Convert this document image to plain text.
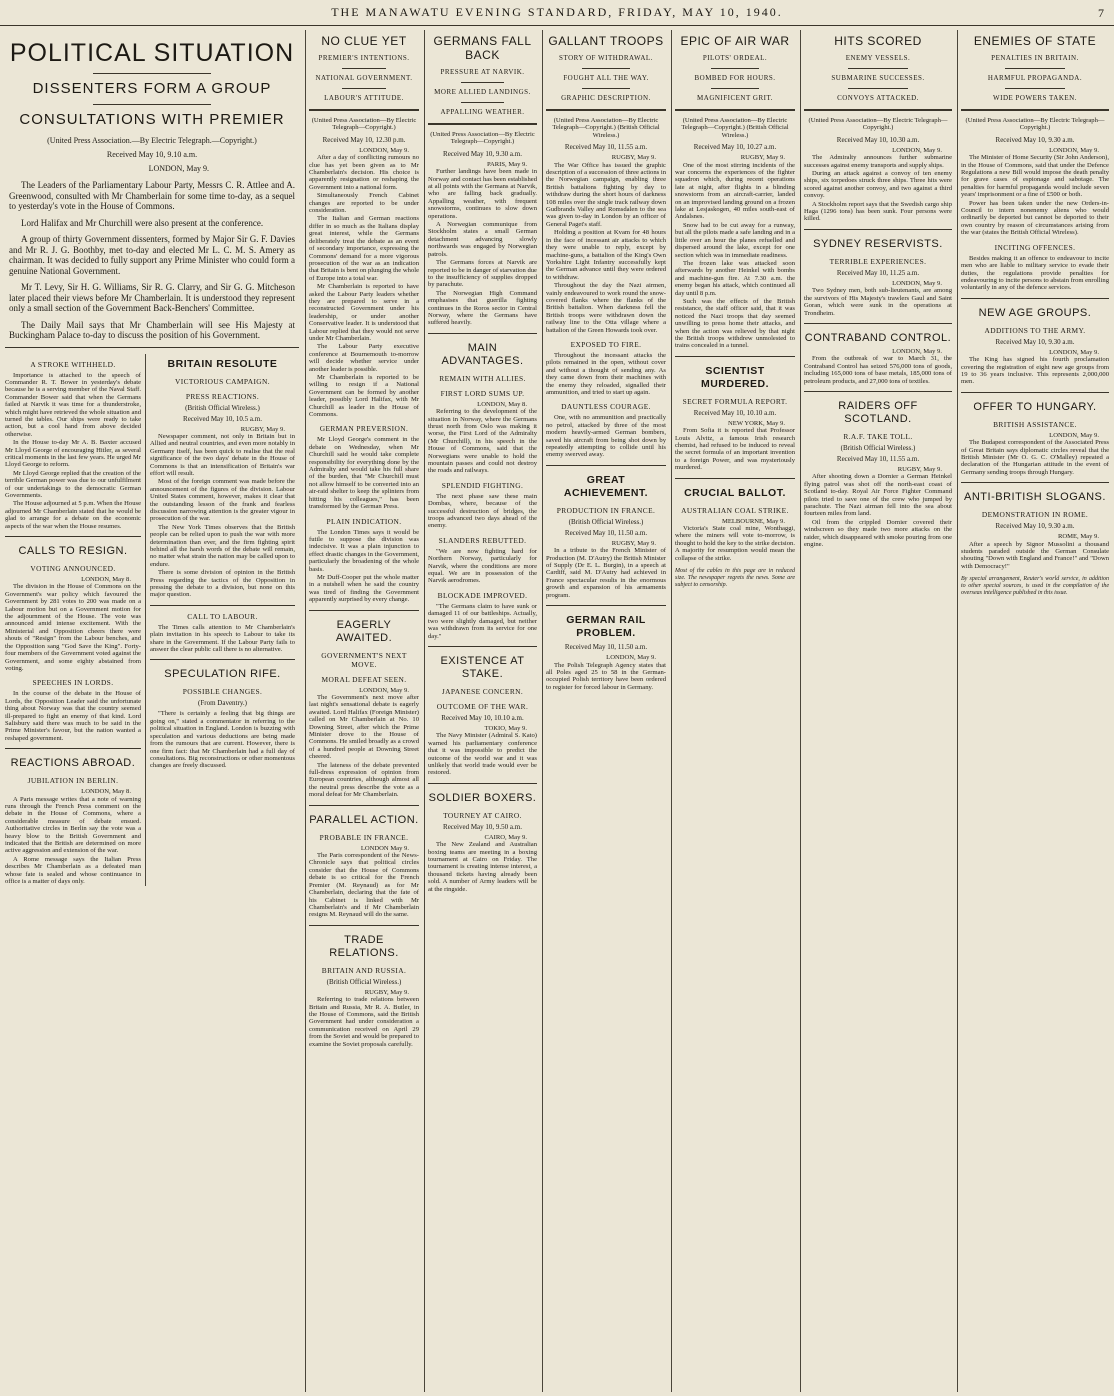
THE MANAWATU EVENING STANDARD, FRIDAY, MAY 10, 1940.	7
POLITICAL SITUATION
DISSENTERS FORM A GROUP
CONSULTATIONS WITH PREMIER
(United Press Association.—By Electric Telegraph.—Copyright.)
Received May 10, 9.10 a.m.
LONDON, May 9.
The Leaders of the Parliamentary Labour Party, Messrs C. R. Attlee and A. Greenwood, consulted with Mr Chamberlain for some time to-day, as a sequel to yesterday's vote in the House of Commons.
Lord Halifax and Mr Churchill were also present at the conference.
A group of thirty Government dissenters, formed by Major Sir G. F. Davies and Mr R. J. G. Boothby, met to-day and elected Mr L. C. M. S. Amery as chairman. It was decided to fully support any Prime Minister who could form a genuine National Government.
Mr T. Levy, Sir H. G. Williams, Sir R. G. Clarry, and Sir G. G. Mitcheson later placed their views before Mr Chamberlain. It is understood they represent only a small section of the Government Back-Benchers' Committee.
The Daily Mail says that Mr Chamberlain will see His Majesty at Buckingham Palace to-day to discuss the position of his Government.
A STROKE WITHHELD.

Importance is attached to the speech of Commander R. T. Bower in yesterday's debate because he is a serving member of the Naval Staff. Commander Bower said that when the Germans failed at Narvik it was time for a thunderstroke, which might have retrieved the whole situation and turned the tables. Our ships were ready to take action, but a cool hand from above decided otherwise.

In the House to-day Mr A. B. Baxter accused Mr Lloyd George of encouraging Hitler, as several critical moments in the last few years. He urged Mr Lloyd George to reform.

Mr Lloyd George replied that the creation of the terrible German power was due to our unfulfilment of our undertakings to the democratic German Governments.

The House adjourned at 5 p.m. When the House adjourned Mr Chamberlain stated that he would be glad to arrange for a debate on the economic aspects of the war when the House resumes.

CALLS TO RESIGN.
VOTING ANNOUNCED.
LONDON, May 8.

The division in the House of Commons on the Government's war policy which favoured the Government by 281 votes to 200 was made on a Labour motion but on a Government motion for the adjournment of the House. The vote was announced amid intense excitement. With the Ministerial and Opposition cheers there were shouts of "Resign" from the Labour benches, and the Opposition sang "God Save the King". Forty-four members of the Government voted against the Government, and some eighty abstained from voting.

SPEECHES IN LORDS.

In the course of the debate in the House of Lords, the Opposition Leader said the unfortunate thing about Norway was that the country seemed ill-prepared to fight an enemy of that kind. Lord Salisbury said there was much to be said in the Prime Minister's favour, but the nation wanted a reshaped government.

REACTIONS ABROAD.
JUBILATION IN BERLIN.
LONDON, May 8.

A Paris message writes that a note of warning runs through the French Press comment on the debate in the House of Commons, where a considerable measure of debate ensued. Authoritative circles in Berlin say the vote was a heavy blow to the British Government and indicated that the British are determined on more active aggression and extension of the war.

A Rome message says the Italian Press describes Mr Chamberlain as a defeated man whose fate is sealed and whose continuance in office is a matter of days only.

BRITAIN RESOLUTE
VICTORIOUS CAMPAIGN.
PRESS REACTIONS.
(British Official Wireless.)
Received May 10, 10.5 a.m.
RUGBY, May 9.

Newspaper comment, not only in Britain but in Allied and neutral countries, and even more notably in Germany itself, has been quick to realise that the real significance of the two days' debate in the House of Commons is that an intensification of Britain's war effort will result.

Most of the foreign comment was made before the announcement of the figures of the division. Labour United States comment, however, makes it clear that the outstanding lesson of the frank and fearless discussion narrowing attention is the greater vigour in prosecution of the war.

The New York Times observes that the British people can be relied upon to push the war with more determination than ever, and the firm fighting spirit behind all the harsh words of the debate will remain, no matter what strain the nation may be called upon to endure.

There is some division of opinion in the British Press regarding the tactics of the Opposition in pressing the debate to a division, but none on this major question.

CALL TO LABOUR.

The Times calls attention to Mr Chamberlain's plain invitation in his speech to Labour to take its share in the Government. If the Labour Party fails to answer the clear public call there is no alternative.

SPECULATION RIFE.
POSSIBLE CHANGES.
(From Daventry.)

"There is certainly a feeling that big things are going on," stated a commentator in referring to the political situation in England. London is buzzing with speculation and various deductions are being made from the rumours that are current. However, there is one firm fact: that Mr Chamberlain had a full day of consultations. Big reconstructions or other momentous changes are freely discussed.

NO CLUE YET
PREMIER'S INTENTIONS.
NATIONAL GOVERNMENT.
LABOUR'S ATTITUDE.
(United Press Association—By Electric Telegraph—Copyright.)
Received May 10, 12.30 p.m.
LONDON, May 9.

After a day of conflicting rumours no clue has yet been given as to Mr Chamberlain's decision. His choice is apparently resignation or reshaping the Government into a national form.

Simultaneously French Cabinet changes are reported to be under consideration.

The Italian and German reactions differ in so much as the Italians display great interest, while the Germans deliberately treat the debate as an event of secondary importance, expressing the Commons' demand for a more vigorous prosecution of the war as an indication that Britain is bent on plunging the whole of Europe into a total war.

Mr Chamberlain is reported to have asked the Labour Party leaders whether they are prepared to serve in a reconstructed Government under his leadership, or under another Conservative leader. It is understood that Labour replied that they would not serve under Mr Chamberlain.

The Labour Party executive conference at Bournemouth to-morrow will decide whether service under another leader is possible.

Mr Chamberlain is reported to be willing to resign if a National Government can be formed by another leader, possibly Lord Halifax, with Mr Churchill as leader in the House of Commons.

GERMAN PREVERSION.

Mr Lloyd George's comment in the debate on Wednesday, when Mr Churchill said he would take complete responsibility for everything done by the Admiralty and would take his full share of the burden, that "Mr Churchill must not allow himself to be converted into an air-raid shelter to keep the splinters from hitting his colleagues," has been transformed by the German Press.

PLAIN INDICATION.

The London Times says it would be futile to suppose the division was indecisive. It was a plain injunction to effect drastic changes in the Government, particularly the broadening of the whole basis.

Mr Duff-Cooper put the whole matter in a nutshell when he said the country was tired of finding the Government apparently surprised by every change.

EAGERLY AWAITED.
GOVERNMENT'S NEXT MOVE.
MORAL DEFEAT SEEN.
LONDON, May 9.

The Government's next move after last night's sensational debate is eagerly awaited. Lord Halifax (Foreign Minister) called on Mr Chamberlain at No. 10 Downing Street, after which the Prime Minister drove to the House of Commons. He smiled broadly as a crowd of a hundred people at Downing Street cheered.

The lateness of the debate prevented full-dress expression of opinion from European countries, although almost all the neutral press describe the vote as a moral defeat for Mr Chamberlain.

PARALLEL ACTION.
PROBABLE IN FRANCE.
LONDON May 9.

The Paris correspondent of the News-Chronicle says that political circles consider that the House of Commons debate is so critical for the French Premier (M. Reynaud) as for Mr Chamberlain, declaring that the fate of his Cabinet is linked with Mr Chamberlain's and if Mr Chamberlain resigns M. Reynaud will do the same.

TRADE RELATIONS.
BRITAIN AND RUSSIA.
(British Official Wireless.)
RUGBY, May 9.

Referring to trade relations between Britain and Russia, Mr R. A. Butler, in the House of Commons, said the British Government had under consideration a communication received on April 29 from the Soviet and would be prepared to examine the Soviet proposals carefully.

GERMANS FALL BACK
PRESSURE AT NARVIK.
MORE ALLIED LANDINGS.
APPALLING WEATHER.
(United Press Association—By Electric Telegraph—Copyright.)
Received May 10, 9.30 a.m.
PARIS, May 9.

Further landings have been made in Norway and contact has been established at all points with the Germans at Narvik, who are falling back gradually. Appalling weather, with frequent snowstorms, continues to slow down operations.

A Norwegian communique from Stockholm states a small German detachment advancing slowly northwards was engaged by Norwegian patrols.

The Germans forces at Narvik are reported to be in danger of starvation due to the insufficiency of supplies dropped by parachute.

The Norwegian High Command emphasises that guerilla fighting continues in the Roros sector in Central Norway, where the Germans have suffered heavily.

MAIN ADVANTAGES.
REMAIN WITH ALLIES.
FIRST LORD SUMS UP.
LONDON, May 8.

Referring to the development of the situation in Norway, where the Germans thrust north from Oslo was making it worse, the First Lord of the Admiralty (Mr Churchill), in his speech in the House of Commons, said that the Norwegians were unable to hold the mountain passes and could not destroy the roads and railways.

SPLENDID FIGHTING.

The next phase saw these main Dombas, where, because of the successful destruction of bridges, the troops advanced two days ahead of the enemy.

SLANDERS REBUTTED.

"We are now fighting hard for Northern Norway, particularly for Narvik, where the conditions are more equal. We are in possession of the Narvik aerodromes.

BLOCKADE IMPROVED.

"The Germans claim to have sunk or damaged 11 of our battleships. Actually, two were slightly damaged, but neither was withdrawn from its service for one day."

EXISTENCE AT STAKE.
JAPANESE CONCERN.
OUTCOME OF THE WAR.
Received May 10, 10.10 a.m.
TOKIO, May 9.

The Navy Minister (Admiral S. Kato) warned his parliamentary conference that it was impossible to predict the outcome of the world war and it was unlikely that world trade would ever be restored.

SOLDIER BOXERS.
TOURNEY AT CAIRO.
Received May 10, 9.50 a.m.
CAIRO, May 9.

The New Zealand and Australian boxing teams are meeting in a boxing tournament at Cairo on Friday. The tournament is creating intense interest, a thousand tickets having already been sold. A number of Army leaders will be at the ringside.

GALLANT TROOPS
STORY OF WITHDRAWAL.
FOUGHT ALL THE WAY.
GRAPHIC DESCRIPTION.
(United Press Association—By Electric Telegraph—Copyright.) (British Official Wireless.)
Received May 10, 11.55 a.m.
RUGBY, May 9.

The War Office has issued the graphic description of a succession of three actions in the Norwegian campaign, enabling three British battalions fighting by day to withdraw during the short hours of darkness 108 miles over the single track railway down Gudbrands Valley and Romsdalen to the sea was given to-day in London by an officer of General Paget's staff.

Holding a position at Kvam for 48 hours in the face of incessant air attacks to which they were unable to reply, except by machine-guns, a battalion of the King's Own Yorkshire Light Infantry successfully kept the German advance until they were ordered to withdraw.

Throughout the day the Nazi airmen, vainly endeavoured to work round the snow-covered flanks where the flanks of the British battalion. When darkness fell the British troops were withdrawn down the railway line to the Otta village where a battalion of the Green Howards took over.

EXPOSED TO FIRE.

Throughout the incessant attacks the pilots remained in the open, without cover and without a thought of sending any. As they came down from their machines with the enemy they reloaded, signalled their ammunition, and tried to start up again.

DAUNTLESS COURAGE.

One, with no ammunition and practically no petrol, attacked by three of the most modern heavily-armed German bombers, saved his aircraft from being shot down by repeatedly attempting to collide until his enemy swerved away.

GREAT ACHIEVEMENT.
PRODUCTION IN FRANCE.
(British Official Wireless.)
Received May 10, 11.50 a.m.
RUGBY, May 9.

In a tribute to the French Minister of Production (M. D'Autry) the British Minister of Supply (Dr E. L. Burgin), in a speech at Cardiff, said M. D'Autry had achieved in France spectacular results in the enormous growth and expansion of his armaments program.

GERMAN RAIL PROBLEM.
Received May 10, 11.50 a.m.
LONDON, May 9.

The Polish Telegraph Agency states that all Poles aged 25 to 58 in the German-occupied Polish territory have been ordered to register for forced labour in Germany.

EPIC OF AIR WAR
PILOTS' ORDEAL.
BOMBED FOR HOURS.
MAGNIFICENT GRIT.
(United Press Association—By Electric Telegraph—Copyright.) (British Official Wireless.)
Received May 10, 10.27 a.m.
RUGBY, May 9.

One of the most stirring incidents of the war concerns the experiences of the fighter squadron which, during recent operations late at night, after flights in a blinding snowstorm from an aircraft-carrier, landed on an improvised landing ground on a frozen lake at Lesjaskogen, 40 miles south-east of Andalsnes.

Snow had to be cut away for a runway, but all the pilots made a safe landing and in a little over an hour the planes refuelled and dispersed around the lake, except for one section which was in immediate readiness.

The frozen lake was attacked soon afterwards by another Heinkel with bombs and machine-gun fire. At 7.30 a.m. the enemy began his attack, which continued all day until 8 p.m.

Such was the effects of the British resistance, the staff officer said, that it was noticed the Nazi troops that day seemed unwilling to press home their attacks, and when the action was relieved by that night the British troops withdrew unmolested to trains concealed in a tunnel.

SCIENTIST MURDERED.
SECRET FORMULA REPORT.
Received May 10, 10.10 a.m.
NEW YORK, May 9.

From Sofia it is reported that Professor Louis Alvitz, a famous Irish research chemist, had refused to be induced to reveal the secret formula of an important invention to a foreign Power, and was mysteriously murdered.

CRUCIAL BALLOT.
AUSTRALIAN COAL STRIKE.
MELBOURNE, May 9.

Victoria's State coal mine, Wonthaggi, where the miners will vote to-morrow, is thought to hold the key to the strike decision. A majority for resumption would mean the collapse of the strike.

Most of the cables in this page are in reduced size. The newspaper regrets the news. Some are subject to censorship.
HITS SCORED
ENEMY VESSELS.
SUBMARINE SUCCESSES.
CONVOYS ATTACKED.
(United Press Association—By Electric Telegraph—Copyright.)
Received May 10, 10.30 a.m.
LONDON, May 9.

The Admiralty announces further submarine successes against enemy transports and supply ships.

During an attack against a convoy of ten enemy ships, six torpedoes struck three ships. Three hits were scored against another convoy, and two against a third convoy.

A Stockholm report says that the Swedish cargo ship Haga (1296 tons) has been sunk. Four persons were killed.

SYDNEY RESERVISTS.
TERRIBLE EXPERIENCES.
Received May 10, 11.25 a.m.
LONDON, May 9.

Two Sydney men, both sub-lieutenants, are among the survivors of His Majesty's trawlers Gaul and Saint Goran, which were sunk in the operations at Trondheim.

CONTRABAND CONTROL.
LONDON, May 9.

From the outbreak of war to March 31, the Contraband Control has seized 576,000 tons of goods, including 165,000 tons of base metals, 185,000 tons of petroleum products, and 27,000 tons of textiles.

RAIDERS OFF SCOTLAND.
R.A.F. TAKE TOLL.
(British Official Wireless.)
Received May 10, 11.55 a.m.
RUGBY, May 9.

After shooting down a Dornier a German Heinkel flying patrol was shot off the north-east coast of Scotland to-day. Royal Air Force Fighter Command pilots tried to save one of the crew who jumped by parachute. The Nazi airman fell into the sea about fourteen miles from land.

Oil from the crippled Dornier covered their windscreen so they made two more attacks on the raider, which disappeared with smoke pouring from one engine.

ENEMIES OF STATE
PENALTIES IN BRITAIN.
HARMFUL PROPAGANDA.
WIDE POWERS TAKEN.
(United Press Association—By Electric Telegraph—Copyright.)
Received May 10, 9.30 a.m.
LONDON, May 9.

The Minister of Home Security (Sir John Anderson), in the House of Commons, said that under the Defence Regulations a new Bill would impose the death penalty for grave cases of espionage and sabotage. The penalties for harmful propaganda would include seven years' imprisonment or a fine of £500 or both.

Power has been taken under the new Orders-in-Council to intern nonenemy aliens who would ordinarily be deported but cannot be deported to their own country by reason of circumstances arising from the war (states the British Official Wireless).

INCITING OFFENCES.

Besides making it an offence to endeavour to incite men who are liable to military service to evade their duties, the regulations provide penalties for endeavouring to incite persons to abstain from enrolling voluntarily in any of the defence services.

NEW AGE GROUPS.
ADDITIONS TO THE ARMY.
Received May 10, 9.30 a.m.
LONDON, May 9.

The King has signed his fourth proclamation covering the registration of eight new age groups from 19 to 36 years inclusive. This represents 2,000,000 men.

OFFER TO HUNGARY.
BRITISH ASSISTANCE.
LONDON, May 9.

The Budapest correspondent of the Associated Press of Great Britain says diplomatic circles reveal that the British Minister (Mr O. G. C. O'Malley) repeated a declaration of the Hungarian attitude in the event of Germany sending troops through Hungary.

ANTI-BRITISH SLOGANS.
DEMONSTRATION IN ROME.
Received May 10, 9.30 a.m.
ROME, May 9.

After a speech by Signor Mussolini a thousand students paraded outside the German Consulate shouting "Down with England and France!" and "Down with Democracy!"

By special arrangement, Reuter's world service, in addition to other special sources, is used in the compilation of the overseas intelligence published in this issue.
